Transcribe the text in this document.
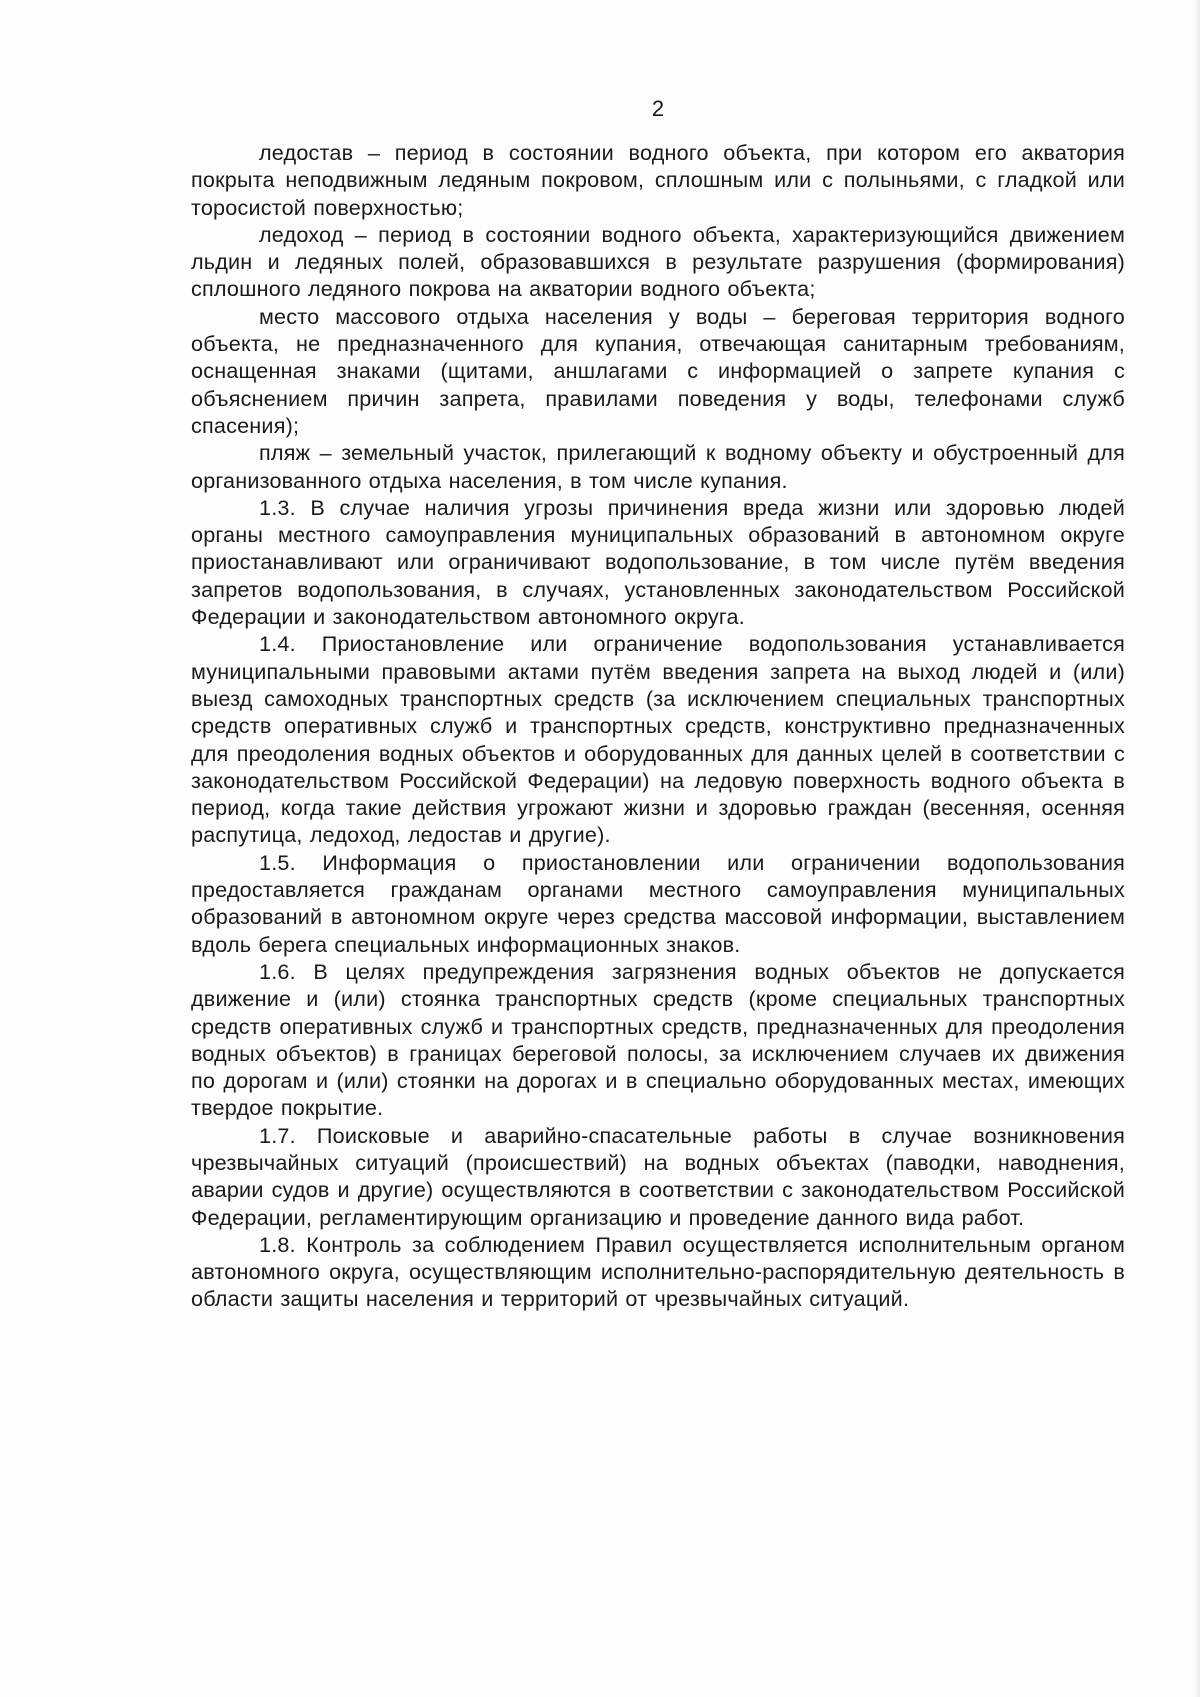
2

ледостав – период в состоянии водного объекта, при котором его акватория покрыта неподвижным ледяным покровом, сплошным или с полыньями, с гладкой или торосистой поверхностью;

ледоход – период в состоянии водного объекта, характеризующийся движением льдин и ледяных полей, образовавшихся в результате разрушения (формирования) сплошного ледяного покрова на акватории водного объекта;

место массового отдыха населения у воды – береговая территория водного объекта, не предназначенного для купания, отвечающая санитарным требованиям, оснащенная знаками (щитами, аншлагами с информацией о запрете купания с объяснением причин запрета, правилами поведения у воды, телефонами служб спасения);

пляж – земельный участок, прилегающий к водному объекту и обустроенный для организованного отдыха населения, в том числе купания.

1.3. В случае наличия угрозы причинения вреда жизни или здоровью людей органы местного самоуправления муниципальных образований в автономном округе приостанавливают или ограничивают водопользование, в том числе путём введения запретов водопользования, в случаях, установленных законодательством Российской Федерации и законодательством автономного округа.

1.4. Приостановление или ограничение водопользования устанавливается муниципальными правовыми актами путём введения запрета на выход людей и (или) выезд самоходных транспортных средств (за исключением специальных транспортных средств оперативных служб и транспортных средств, конструктивно предназначенных для преодоления водных объектов и оборудованных для данных целей в соответствии с законодательством Российской Федерации) на ледовую поверхность водного объекта в период, когда такие действия угрожают жизни и здоровью граждан (весенняя, осенняя распутица, ледоход, ледостав и другие).

1.5. Информация о приостановлении или ограничении водопользования предоставляется гражданам органами местного самоуправления муниципальных образований в автономном округе через средства массовой информации, выставлением вдоль берега специальных информационных знаков.

1.6. В целях предупреждения загрязнения водных объектов не допускается движение и (или) стоянка транспортных средств (кроме специальных транспортных средств оперативных служб и транспортных средств, предназначенных для преодоления водных объектов) в границах береговой полосы, за исключением случаев их движения по дорогам и (или) стоянки на дорогах и в специально оборудованных местах, имеющих твердое покрытие.

1.7. Поисковые и аварийно-спасательные работы в случае возникновения чрезвычайных ситуаций (происшествий) на водных объектах (паводки, наводнения, аварии судов и другие) осуществляются в соответствии с законодательством Российской Федерации, регламентирующим организацию и проведение данного вида работ.

1.8. Контроль за соблюдением Правил осуществляется исполнительным органом автономного округа, осуществляющим исполнительно-распорядительную деятельность в области защиты населения и территорий от чрезвычайных ситуаций.
